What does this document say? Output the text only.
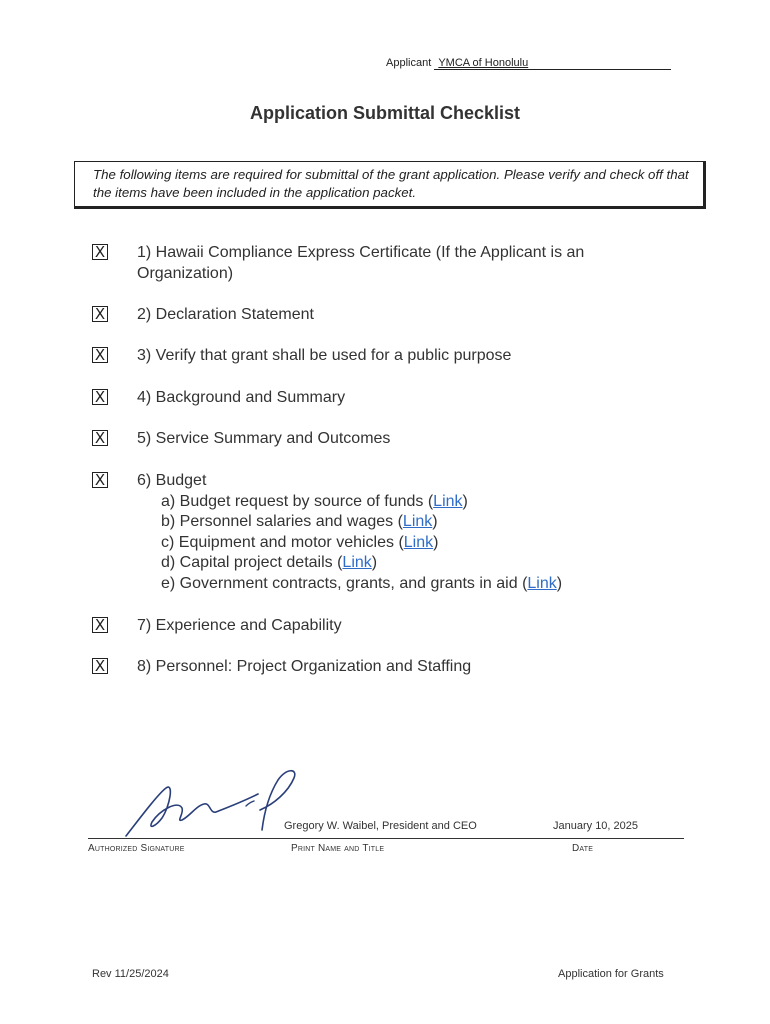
Applicant YMCA of Honolulu
Application Submittal Checklist
The following items are required for submittal of the grant application. Please verify and check off that the items have been included in the application packet.
X 1) Hawaii Compliance Express Certificate (If the Applicant is an Organization)
X 2) Declaration Statement
X 3) Verify that grant shall be used for a public purpose
X 4) Background and Summary
X 5) Service Summary and Outcomes
X 6) Budget
a) Budget request by source of funds (Link)
b) Personnel salaries and wages (Link)
c) Equipment and motor vehicles (Link)
d) Capital project details (Link)
e) Government contracts, grants, and grants in aid (Link)
X 7) Experience and Capability
X 8) Personnel: Project Organization and Staffing
Gregory W. Waibel, President and CEO	January 10, 2025
Authorized Signature	Print Name and Title	Date
Rev 11/25/2024	Application for Grants
